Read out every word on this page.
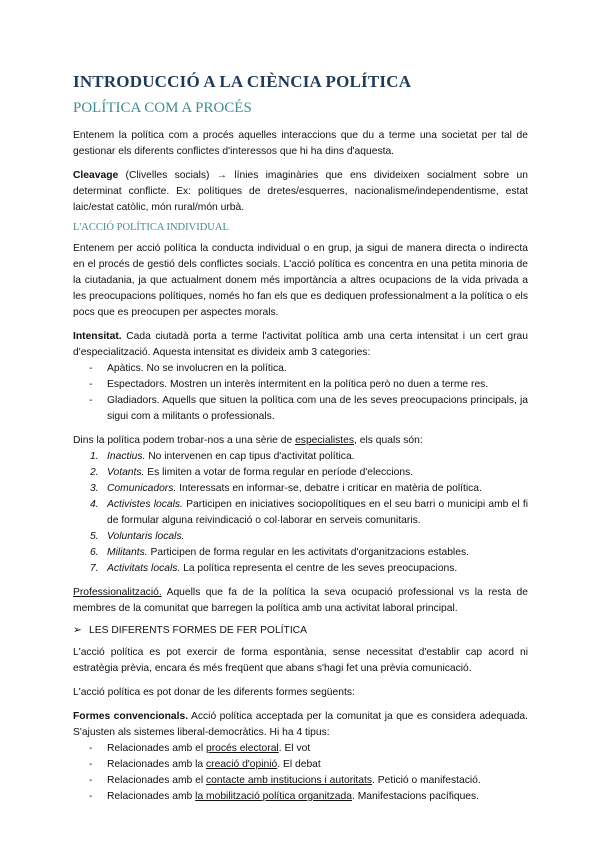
INTRODUCCIÓ A LA CIÈNCIA POLÍTICA
POLÍTICA COM A PROCÉS

Entenem la política com a procés aquelles interaccions que du a terme una societat per tal de gestionar els diferents conflictes d'interessos que hi ha dins d'aquesta.

Cleavage (Clivelles socials) → línies imaginàries que ens divideixen socialment sobre un determinat conflicte. Ex: polítiques de dretes/esquerres, nacionalisme/independentisme, estat laic/estat catòlic, món rural/món urbà.

L'ACCIÓ POLÍTICA INDIVIDUAL

Entenem per acció política la conducta individual o en grup, ja sigui de manera directa o indirecta en el procés de gestió dels conflictes socials. L'acció política es concentra en una petita minoria de la ciutadania, ja que actualment donem més importància a altres ocupacions de la vida privada a les preocupacions polítiques, només ho fan els que es dediquen professionalment a la política o els pocs que es preocupen per aspectes morals.

Intensitat. Cada ciutadà porta a terme l'activitat política amb una certa intensitat i un cert grau d'especialització. Aquesta intensitat es divideix amb 3 categories:

- Apàtics. No se involucren en la política.
- Espectadors. Mostren un interès intermitent en la política però no duen a terme res.
- Gladiadors. Aquells que situen la política com una de les seves preocupacions principals, ja sigui com a militants o professionals.

Dins la política podem trobar-nos a una sèrie de especialistes, els quals són:

1. Inactius. No intervenen en cap tipus d'activitat política.
2. Votants. Es limiten a votar de forma regular en període d'eleccions.
3. Comunicadors. Interessats en informar-se, debatre i criticar en matèria de política.
4. Activistes locals. Participen en iniciatives sociopolítiques en el seu barri o municipi amb el fi de formular alguna reivindicació o col·laborar en serveis comunitaris.
5. Voluntaris locals.
6. Militants. Participen de forma regular en les activitats d'organitzacions estables.
7. Activitats locals. La política representa el centre de les seves preocupacions.

Professionalització. Aquells que fa de la política la seva ocupació professional vs la resta de membres de la comunitat que barregen la política amb una activitat laboral principal.

➢ LES DIFERENTS FORMES DE FER POLÍTICA

L'acció política es pot exercir de forma espontània, sense necessitat d'establir cap acord ni estratègia prèvia, encara és més freqüent que abans s'hagi fet una prèvia comunicació.

L'acció política es pot donar de les diferents formes següents:

Formes convencionals. Acció política acceptada per la comunitat ja que es considera adequada. S'ajusten als sistemes liberal-democràtics. Hi ha 4 tipus:

- Relacionades amb el procés electoral. El vot
- Relacionades amb la creació d'opinió. El debat
- Relacionades amb el contacte amb institucions i autoritats. Petició o manifestació.
- Relacionades amb la mobilització política organitzada. Manifestacions pacífiques.
